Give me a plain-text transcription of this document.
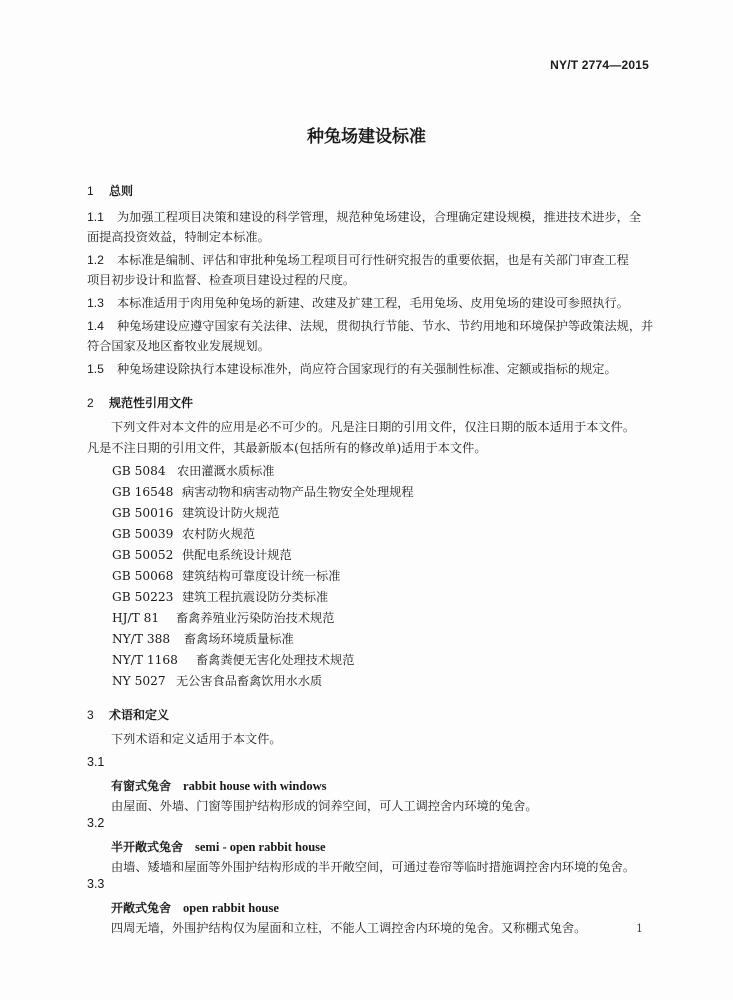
NY/T 2774—2015
种兔场建设标准
1 总则
1.1 为加强工程项目决策和建设的科学管理，规范种兔场建设，合理确定建设规模，推进技术进步，全
面提高投资效益，特制定本标准。
1.2 本标准是编制、评估和审批种兔场工程项目可行性研究报告的重要依据，也是有关部门审查工程
项目初步设计和监督、检查项目建设过程的尺度。
1.3 本标准适用于肉用兔种兔场的新建、改建及扩建工程，毛用兔场、皮用兔场的建设可参照执行。
1.4 种兔场建设应遵守国家有关法律、法规，贯彻执行节能、节水、节约用地和环境保护等政策法规，并
符合国家及地区畜牧业发展规划。
1.5 种兔场建设除执行本建设标准外，尚应符合国家现行的有关强制性标准、定额或指标的规定。
2 规范性引用文件
下列文件对本文件的应用是必不可少的。凡是注日期的引用文件，仅注日期的版本适用于本文件。
凡是不注日期的引用文件，其最新版本(包括所有的修改单)适用于本文件。
GB 5084 农田灌溉水质标准
GB 16548 病害动物和病害动物产品生物安全处理规程
GB 50016 建筑设计防火规范
GB 50039 农村防火规范
GB 50052 供配电系统设计规范
GB 50068 建筑结构可靠度设计统一标准
GB 50223 建筑工程抗震设防分类标准
HJ/T 81 畜禽养殖业污染防治技术规范
NY/T 388 畜禽场环境质量标准
NY/T 1168 畜禽粪便无害化处理技术规范
NY 5027 无公害食品畜禽饮用水水质
3 术语和定义
下列术语和定义适用于本文件。
3.1
有窗式兔舍 rabbit house with windows
由屋面、外墙、门窗等围护结构形成的饲养空间，可人工调控舍内环境的兔舍。
3.2
半开敞式兔舍 semi - open rabbit house
由墙、矮墙和屋面等外围护结构形成的半开敞空间，可通过卷帘等临时措施调控舍内环境的兔舍。
3.3
开敞式兔舍 open rabbit house
四周无墙，外围护结构仅为屋面和立柱，不能人工调控舍内环境的兔舍。又称棚式兔舍。	1
